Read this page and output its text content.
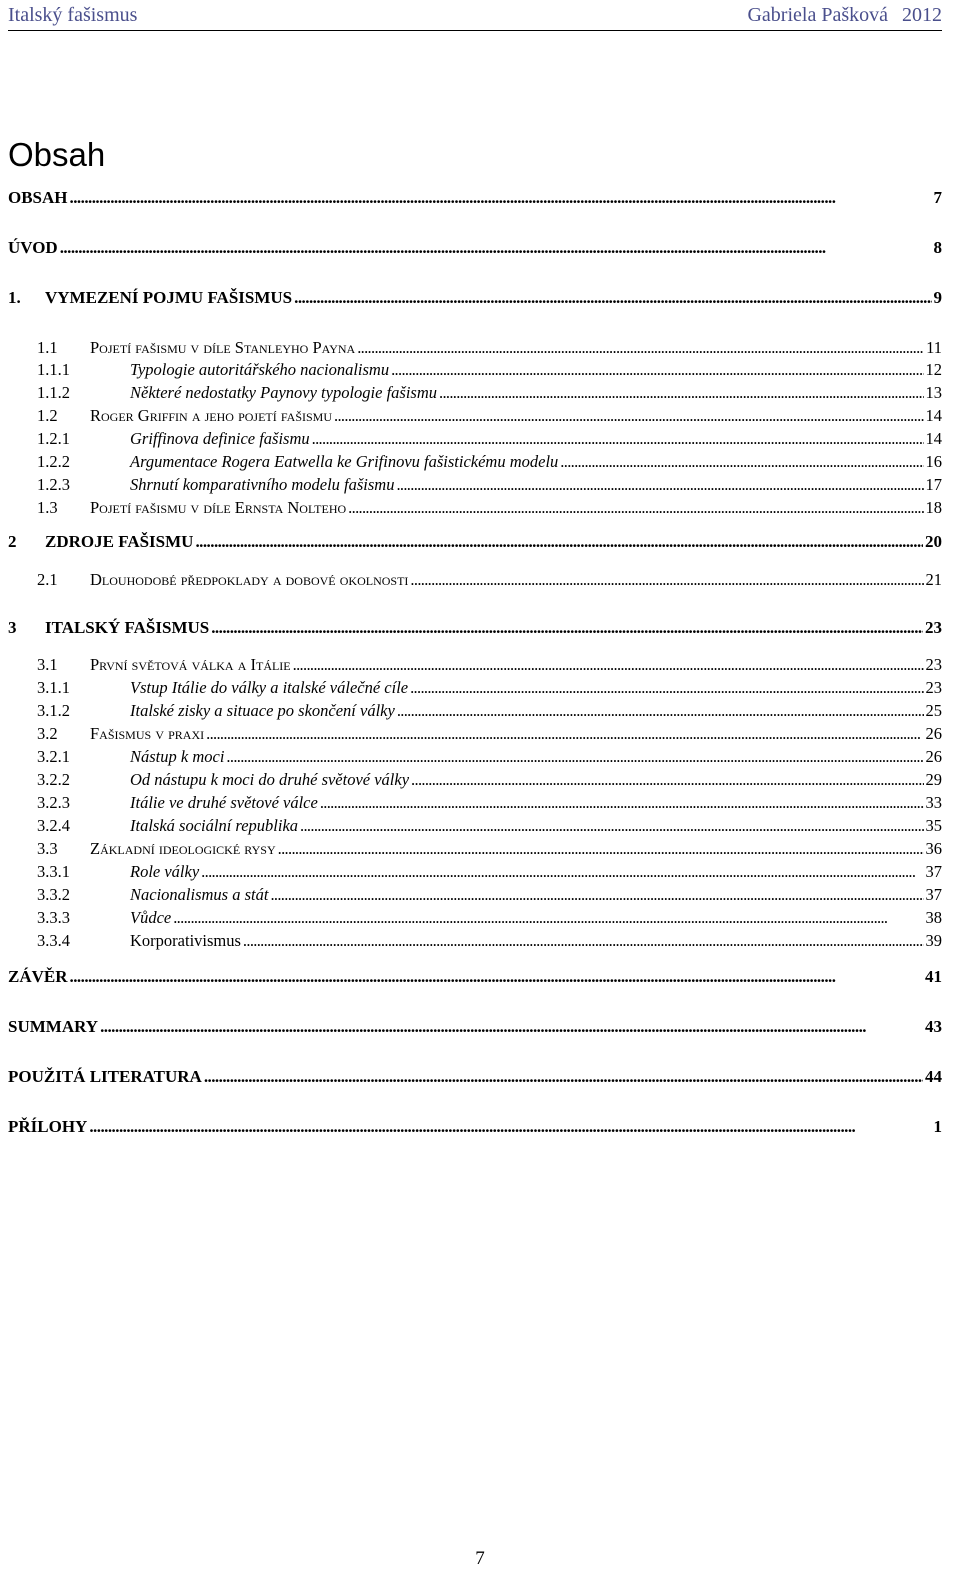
Italský fašismus	Gabriela Pašková 2012
Obsah
OBSAH . . .	7
ÚVOD . . .	8
1.	VYMEZENÍ POJMU FAŠISMUS . . .	9
1.1	Pojetí fašismu v díle Stanleyho Payna . . .	11
1.1.1	Typologie autoritářského nacionalismu . . .	12
1.1.2	Některé nedostatky Paynovy typologie fašismu . . .	13
1.2	Roger Griffin a jeho pojetí fašismu . . .	14
1.2.1	Griffinova definice fašismu . . .	14
1.2.2	Argumentace Rogera Eatwella ke Grifinovu fašistickému modelu . . .	16
1.2.3	Shrnutí komparativního modelu fašismu . . .	17
1.3	Pojetí fašismu v díle Ernsta Nolteho . . .	18
2	ZDROJE FAŠISMU . . .	20
2.1	Dlouhodobé předpoklady a dobové okolnosti . . .	21
3	ITALSKÝ FAŠISMUS . . .	23
3.1	První světová válka a Itálie . . .	23
3.1.1	Vstup Itálie do války a italské válečné cíle . . .	23
3.1.2	Italské zisky a situace po skončení války . . .	25
3.2	Fašismus v praxi . . .	26
3.2.1	Nástup k moci . . .	26
3.2.2	Od nástupu k moci do druhé světové války . . .	29
3.2.3	Itálie ve druhé světové válce . . .	33
3.2.4	Italská sociální republika . . .	35
3.3	Základní ideologické rysy . . .	36
3.3.1	Role války . . .	37
3.3.2	Nacionalismus a stát . . .	37
3.3.3	Vůdce . . .	38
3.3.4	Korporativismus . . .	39
ZÁVĚR . . .	41
SUMMARY . . .	43
POUŽITÁ LITERATURA . . .	44
PŘÍLOHY . . .	1
7
